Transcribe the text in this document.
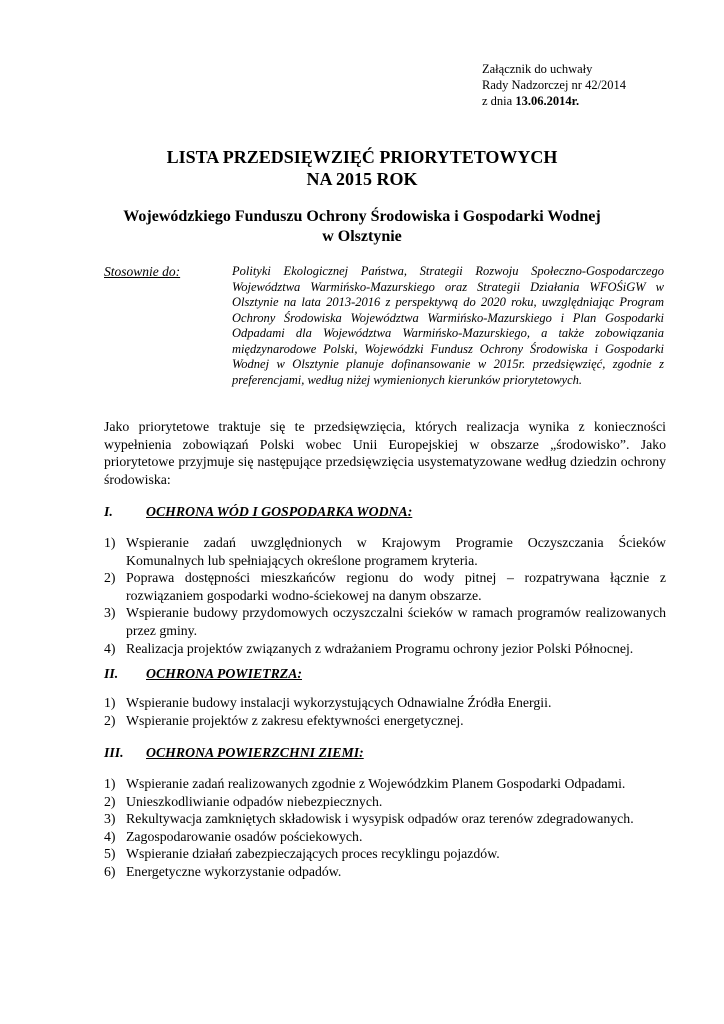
Załącznik do uchwały
Rady Nadzorczej nr 42/2014
z dnia 13.06.2014r.
LISTA PRZEDSIĘWZIĘĆ PRIORYTETOWYCH
NA 2015 ROK
Wojewódzkiego Funduszu Ochrony Środowiska i Gospodarki Wodnej
w Olsztynie
Stosownie do:	Polityki Ekologicznej Państwa, Strategii Rozwoju Społeczno-Gospodarczego Województwa Warmińsko-Mazurskiego oraz Strategii Działania WFOŚiGW w Olsztynie na lata 2013-2016 z perspektywą do 2020 roku, uwzględniając Program Ochrony Środowiska Województwa Warmińsko-Mazurskiego i Plan Gospodarki Odpadami dla Województwa Warmińsko-Mazurskiego, a także zobowiązania międzynarodowe Polski, Wojewódzki Fundusz Ochrony Środowiska i Gospodarki Wodnej w Olsztynie planuje dofinansowanie w 2015r. przedsięwzięć, zgodnie z preferencjami, według niżej wymienionych kierunków priorytetowych.
Jako priorytetowe traktuje się te przedsięwzięcia, których realizacja wynika z konieczności wypełnienia zobowiązań Polski wobec Unii Europejskiej w obszarze „środowisko”. Jako priorytetowe przyjmuje się następujące przedsięwzięcia usystematyzowane według dziedzin ochrony środowiska:
I. OCHRONA WÓD I GOSPODARKA WODNA:
1) Wspieranie zadań uwzględnionych w Krajowym Programie Oczyszczania Ścieków Komunalnych lub spełniających określone programem kryteria.
2) Poprawa dostępności mieszkańców regionu do wody pitnej – rozpatrywana łącznie z rozwiązaniem gospodarki wodno-ściekowej na danym obszarze.
3) Wspieranie budowy przydomowych oczyszczalni ścieków w ramach programów realizowanych przez gminy.
4) Realizacja projektów związanych z wdrażaniem Programu ochrony jezior Polski Północnej.
II. OCHRONA POWIETRZA:
1) Wspieranie budowy instalacji wykorzystujących Odnawialne Źródła Energii.
2) Wspieranie projektów z zakresu efektywności energetycznej.
III. OCHRONA POWIERZCHNI ZIEMI:
1) Wspieranie zadań realizowanych zgodnie z Wojewódzkim Planem Gospodarki Odpadami.
2) Unieszkodliwianie odpadów niebezpiecznych.
3) Rekultywacja zamkniętych składowisk i wysypisk odpadów oraz terenów zdegradowanych.
4) Zagospodarowanie osadów pościekowych.
5) Wspieranie działań zabezpieczających proces recyklingu pojazdów.
6) Energetyczne wykorzystanie odpadów.
